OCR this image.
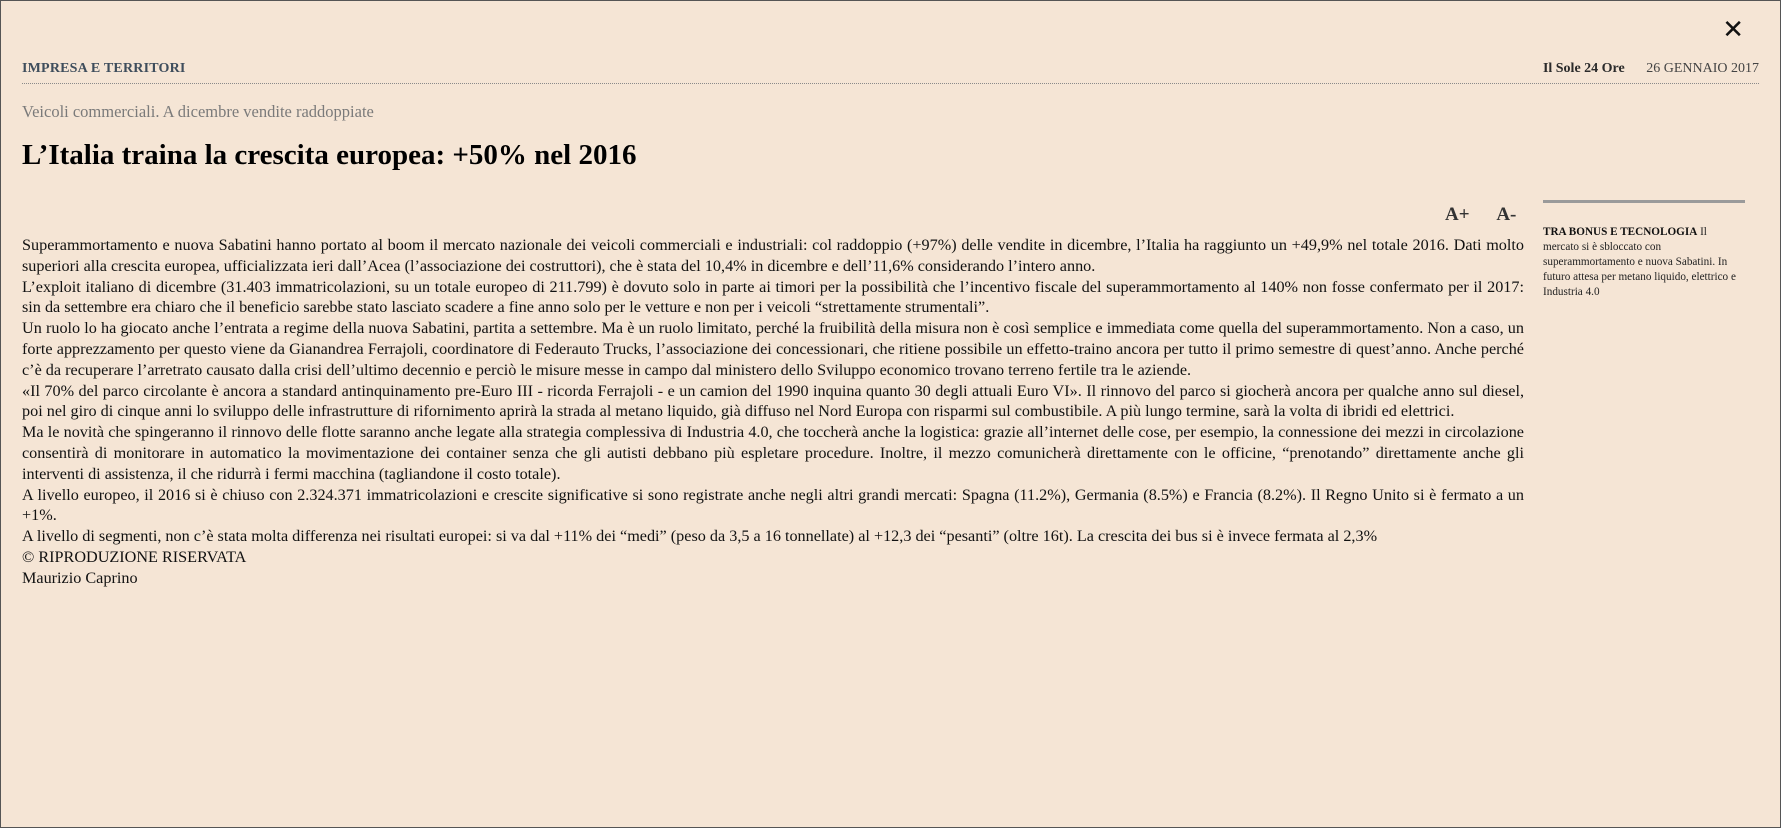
✕
IMPRESA E TERRITORI	Il Sole 24 Ore 26 GENNAIO 2017
Veicoli commerciali. A dicembre vendite raddoppiate
L’Italia traina la crescita europea: +50% nel 2016
A+ A-

Superammortamento e nuova Sabatini hanno portato al boom il mercato nazionale dei veicoli commerciali e industriali: col raddoppio (+97%) delle vendite in dicembre, l’Italia ha raggiunto un +49,9% nel totale 2016. Dati molto superiori alla crescita europea, ufficializzata ieri dall’Acea (l’associazione dei costruttori), che è stata del 10,4% in dicembre e dell’11,6% considerando l’intero anno.

L’exploit italiano di dicembre (31.403 immatricolazioni, su un totale europeo di 211.799) è dovuto solo in parte ai timori per la possibilità che l’incentivo fiscale del superammortamento al 140% non fosse confermato per il 2017: sin da settembre era chiaro che il beneficio sarebbe stato lasciato scadere a fine anno solo per le vetture e non per i veicoli “strettamente strumentali”.

Un ruolo lo ha giocato anche l’entrata a regime della nuova Sabatini, partita a settembre. Ma è un ruolo limitato, perché la fruibilità della misura non è così semplice e immediata come quella del superammortamento. Non a caso, un forte apprezzamento per questo viene da Gianandrea Ferrajoli, coordinatore di Federauto Trucks, l’associazione dei concessionari, che ritiene possibile un effetto-traino ancora per tutto il primo semestre di quest’anno. Anche perché c’è da recuperare l’arretrato causato dalla crisi dell’ultimo decennio e perciò le misure messe in campo dal ministero dello Sviluppo economico trovano terreno fertile tra le aziende.

«Il 70% del parco circolante è ancora a standard antinquinamento pre-Euro III - ricorda Ferrajoli - e un camion del 1990 inquina quanto 30 degli attuali Euro VI». Il rinnovo del parco si giocherà ancora per qualche anno sul diesel, poi nel giro di cinque anni lo sviluppo delle infrastrutture di rifornimento aprirà la strada al metano liquido, già diffuso nel Nord Europa con risparmi sul combustibile. A più lungo termine, sarà la volta di ibridi ed elettrici.

Ma le novità che spingeranno il rinnovo delle flotte saranno anche legate alla strategia complessiva di Industria 4.0, che toccherà anche la logistica: grazie all’internet delle cose, per esempio, la connessione dei mezzi in circolazione consentirà di monitorare in automatico la movimentazione dei container senza che gli autisti debbano più espletare procedure. Inoltre, il mezzo comunicherà direttamente con le officine, “prenotando” direttamente anche gli interventi di assistenza, il che ridurrà i fermi macchina (tagliandone il costo totale).

A livello europeo, il 2016 si è chiuso con 2.324.371 immatricolazioni e crescite significative si sono registrate anche negli altri grandi mercati: Spagna (11.2%), Germania (8.5%) e Francia (8.2%). Il Regno Unito si è fermato a un +1%.

A livello di segmenti, non c’è stata molta differenza nei risultati europei: si va dal +11% dei “medi” (peso da 3,5 a 16 tonnellate) al +12,3 dei “pesanti” (oltre 16t). La crescita dei bus si è invece fermata al 2,3%

© RIPRODUZIONE RISERVATA

Maurizio Caprino

TRA BONUS E TECNOLOGIA Il mercato si è sbloccato con superammortamento e nuova Sabatini. In futuro attesa per metano liquido, elettrico e Industria 4.0
